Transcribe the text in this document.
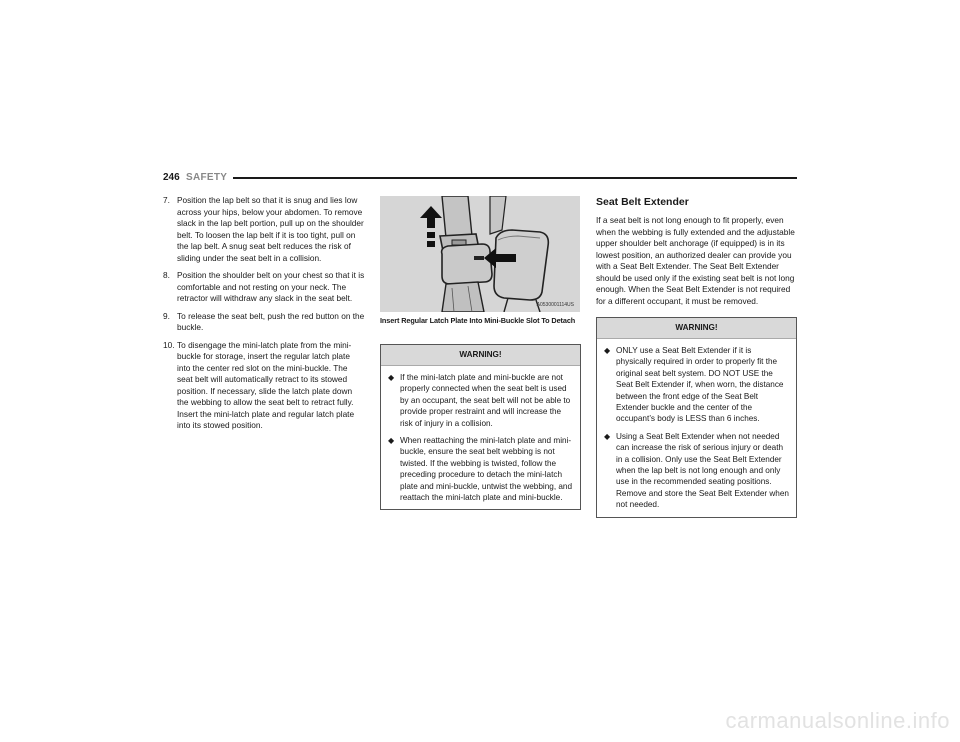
246 SAFETY
7. Position the lap belt so that it is snug and lies low across your hips, below your abdomen. To remove slack in the lap belt portion, pull up on the shoulder belt. To loosen the lap belt if it is too tight, pull on the lap belt. A snug seat belt reduces the risk of sliding under the seat belt in a collision.
8. Position the shoulder belt on your chest so that it is comfortable and not resting on your neck. The retractor will withdraw any slack in the seat belt.
9. To release the seat belt, push the red button on the buckle.
10. To disengage the mini-latch plate from the mini-buckle for storage, insert the regular latch plate into the center red slot on the mini-buckle. The seat belt will automatically retract to its stowed position. If necessary, slide the latch plate down the webbing to allow the seat belt to retract fully. Insert the mini-latch plate and regular latch plate into its stowed position.
A0530001114US
Insert Regular Latch Plate Into Mini-Buckle Slot To Detach
WARNING!
◆ If the mini-latch plate and mini-buckle are not properly connected when the seat belt is used by an occupant, the seat belt will not be able to provide proper restraint and will increase the risk of injury in a collision.
◆ When reattaching the mini-latch plate and mini-buckle, ensure the seat belt webbing is not twisted. If the webbing is twisted, follow the preceding procedure to detach the mini-latch plate and mini-buckle, untwist the webbing, and reattach the mini-latch plate and mini-buckle.
Seat Belt Extender

If a seat belt is not long enough to fit properly, even when the webbing is fully extended and the adjustable upper shoulder belt anchorage (if equipped) is in its lowest position, an authorized dealer can provide you with a Seat Belt Extender. The Seat Belt Extender should be used only if the existing seat belt is not long enough. When the Seat Belt Extender is not required for a different occupant, it must be removed.

WARNING!
◆ ONLY use a Seat Belt Extender if it is physically required in order to properly fit the original seat belt system. DO NOT USE the Seat Belt Extender if, when worn, the distance between the front edge of the Seat Belt Extender buckle and the center of the occupant’s body is LESS than 6 inches.
◆ Using a Seat Belt Extender when not needed can increase the risk of serious injury or death in a collision. Only use the Seat Belt Extender when the lap belt is not long enough and only use in the recommended seating positions. Remove and store the Seat Belt Extender when not needed.
carmanualsonline.info
